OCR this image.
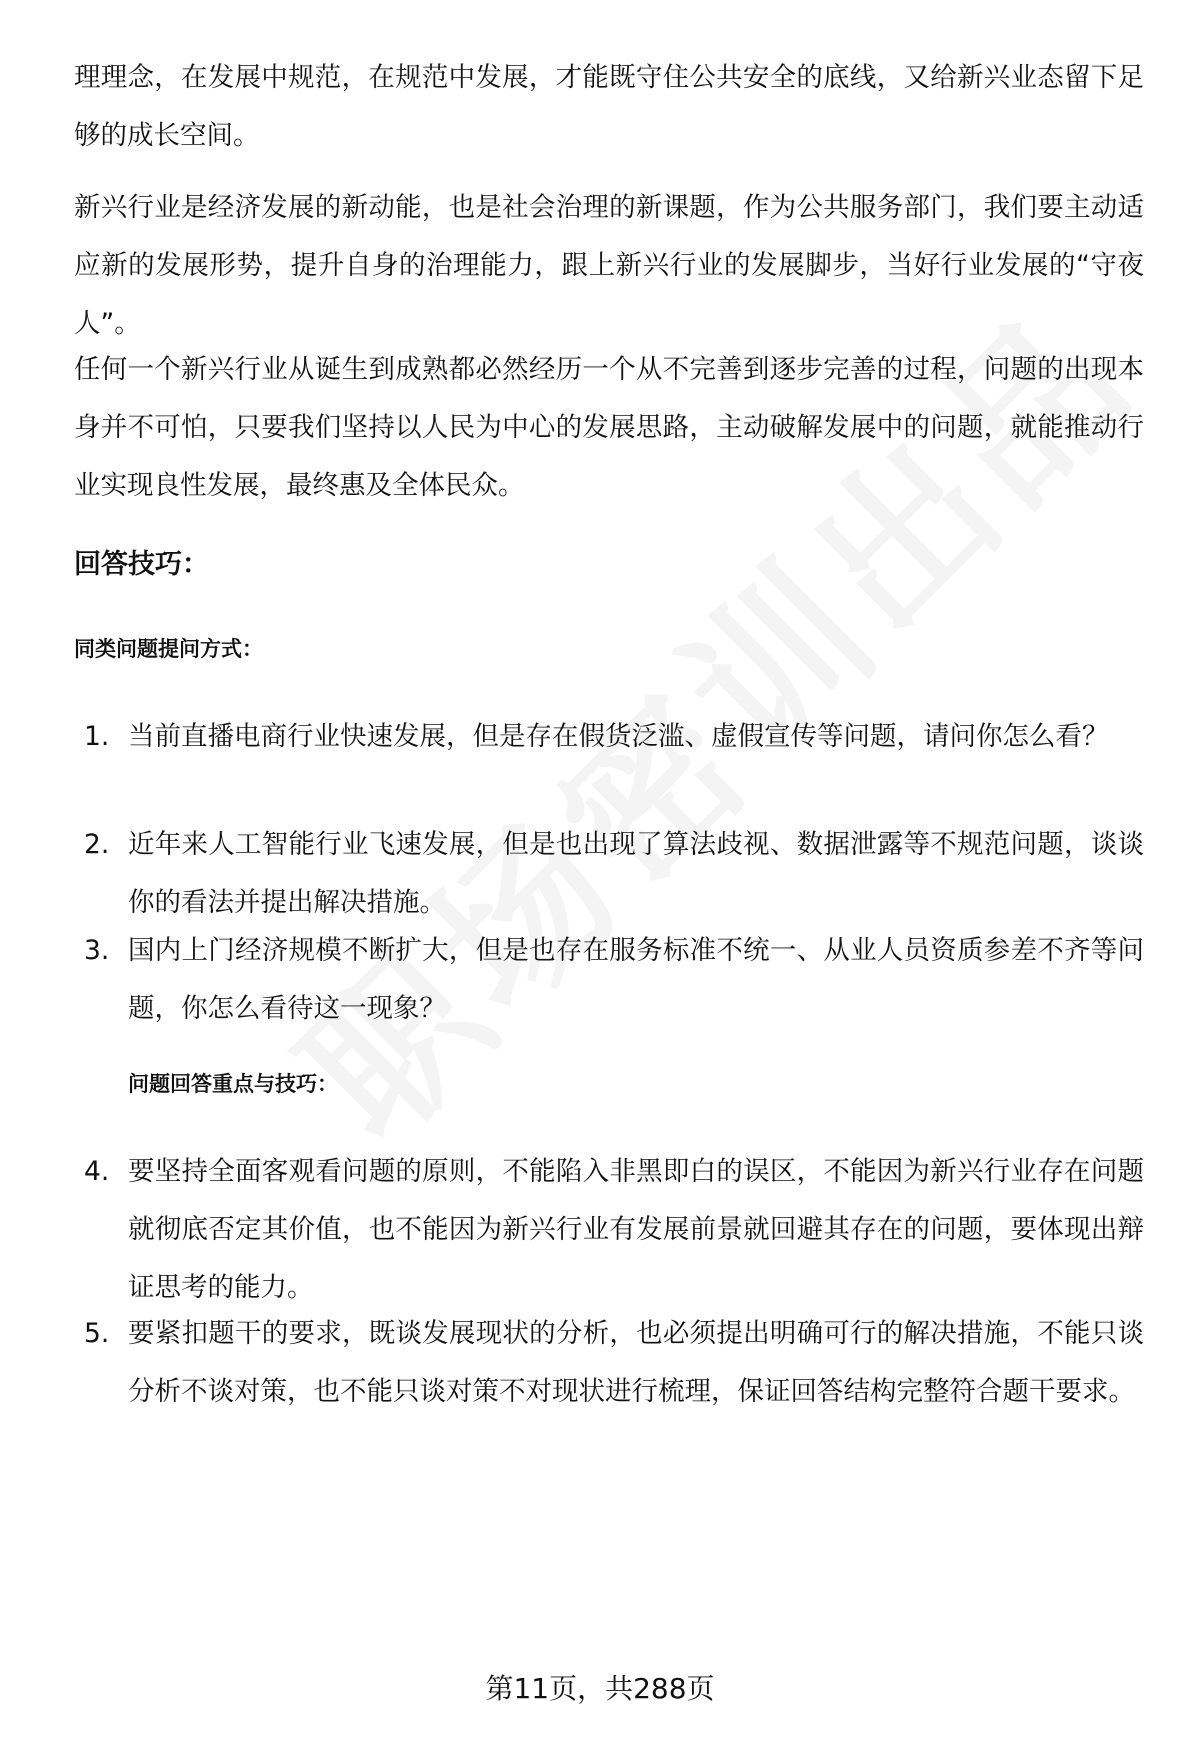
理理念，在发展中规范，在规范中发展，才能既守住公共安全的底线，又给新兴业态留下足够的成长空间。

新兴行业是经济发展的新动能，也是社会治理的新课题，作为公共服务部门，我们要主动适应新的发展形势，提升自身的治理能力，跟上新兴行业的发展脚步，当好行业发展的“守夜人”。

任何一个新兴行业从诞生到成熟都必然经历一个从不完善到逐步完善的过程，问题的出现本身并不可怕，只要我们坚持以人民为中心的发展思路，主动破解发展中的问题，就能推动行业实现良性发展，最终惠及全体民众。

回答技巧：
同类问题提问方式：
1. 当前直播电商行业快速发展，但是存在假货泛滥、虚假宣传等问题，请问你怎么看？
2. 近年来人工智能行业飞速发展，但是也出现了算法歧视、数据泄露等不规范问题，谈谈你的看法并提出解决措施。
3. 国内上门经济规模不断扩大，但是也存在服务标准不统一、从业人员资质参差不齐等问题，你怎么看待这一现象？
问题回答重点与技巧：
4. 要坚持全面客观看问题的原则，不能陷入非黑即白的误区，不能因为新兴行业存在问题就彻底否定其价值，也不能因为新兴行业有发展前景就回避其存在的问题，要体现出辩证思考的能力。
5. 要紧扣题干的要求，既谈发展现状的分析，也必须提出明确可行的解决措施，不能只谈分析不谈对策，也不能只谈对策不对现状进行梳理，保证回答结构完整符合题干要求。
第11页，共288页
